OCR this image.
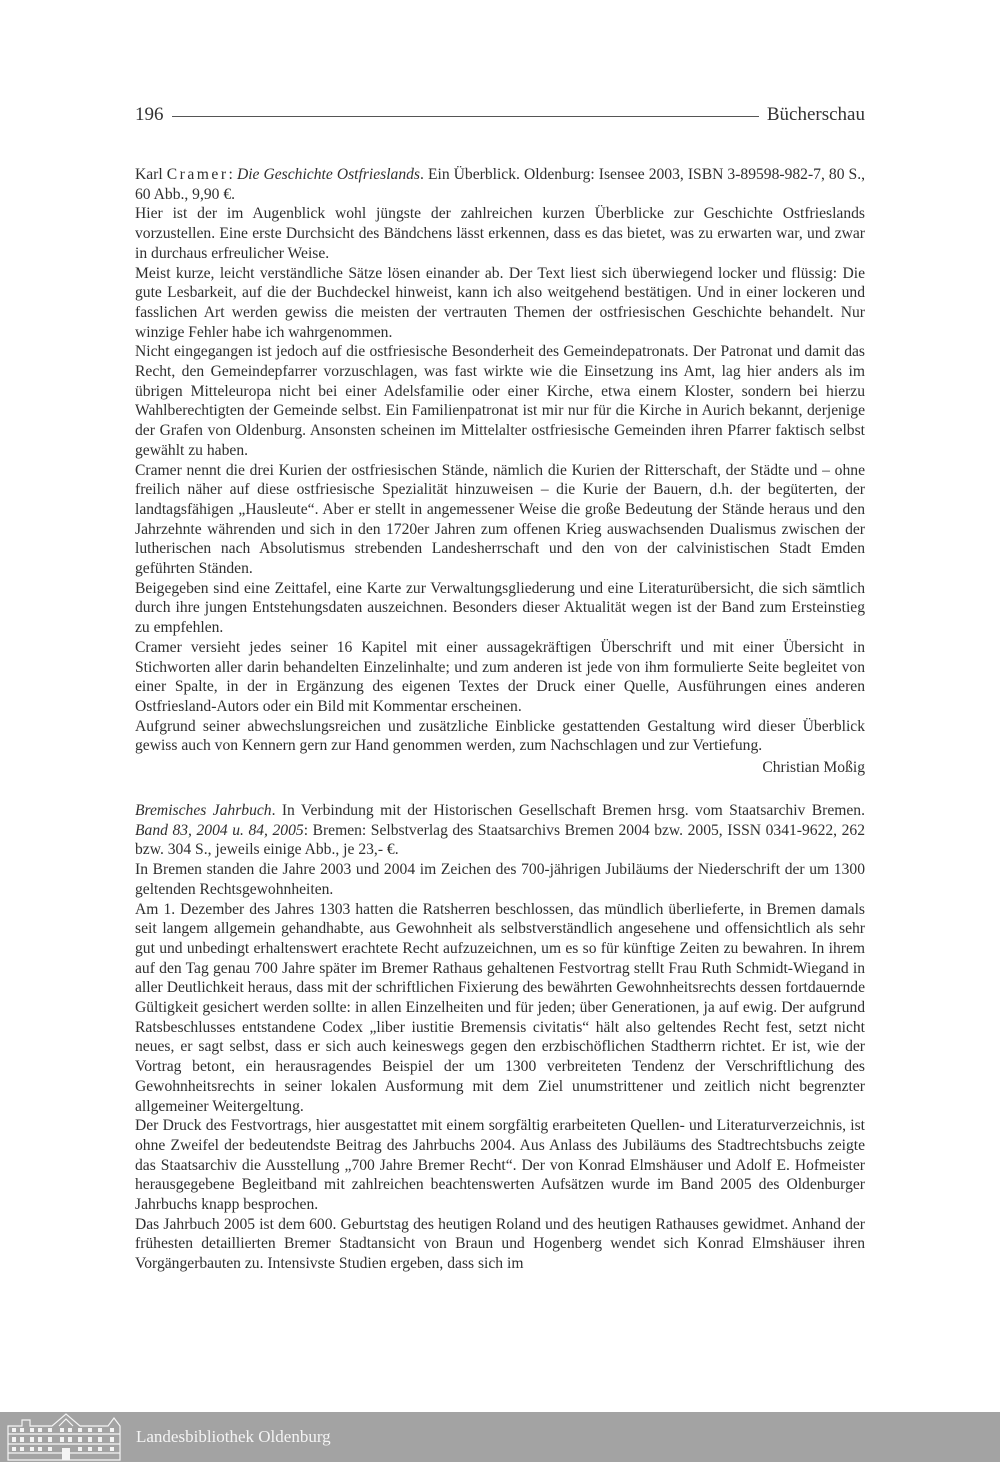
196	Bücherschau

Karl Cramer: Die Geschichte Ostfrieslands. Ein Überblick. Oldenburg: Isensee 2003, ISBN 3-89598-982-7, 80 S., 60 Abb., 9,90 €.

Hier ist der im Augenblick wohl jüngste der zahlreichen kurzen Überblicke zur Geschichte Ostfrieslands vorzustellen. Eine erste Durchsicht des Bändchens lässt erkennen, dass es das bietet, was zu erwarten war, und zwar in durchaus erfreulicher Weise.

Meist kurze, leicht verständliche Sätze lösen einander ab. Der Text liest sich überwiegend locker und flüssig: Die gute Lesbarkeit, auf die der Buchdeckel hinweist, kann ich also weitgehend bestätigen. Und in einer lockeren und fasslichen Art werden gewiss die meisten der vertrauten Themen der ostfriesischen Geschichte behandelt. Nur winzige Fehler habe ich wahrgenommen.

Nicht eingegangen ist jedoch auf die ostfriesische Besonderheit des Gemeindepatronats. Der Patronat und damit das Recht, den Gemeindepfarrer vorzuschlagen, was fast wirkte wie die Einsetzung ins Amt, lag hier anders als im übrigen Mitteleuropa nicht bei einer Adelsfamilie oder einer Kirche, etwa einem Kloster, sondern bei hierzu Wahlberechtigten der Gemeinde selbst. Ein Familienpatronat ist mir nur für die Kirche in Aurich bekannt, derjenige der Grafen von Oldenburg. Ansonsten scheinen im Mittelalter ostfriesische Gemeinden ihren Pfarrer faktisch selbst gewählt zu haben.

Cramer nennt die drei Kurien der ostfriesischen Stände, nämlich die Kurien der Ritterschaft, der Städte und – ohne freilich näher auf diese ostfriesische Spezialität hinzuweisen – die Kurie der Bauern, d.h. der begüterten, der landtagsfähigen „Hausleute“. Aber er stellt in angemessener Weise die große Bedeutung der Stände heraus und den Jahrzehnte währenden und sich in den 1720er Jahren zum offenen Krieg auswachsenden Dualismus zwischen der lutherischen nach Absolutismus strebenden Landesherrschaft und den von der calvinistischen Stadt Emden geführten Ständen.

Beigegeben sind eine Zeittafel, eine Karte zur Verwaltungsgliederung und eine Literaturübersicht, die sich sämtlich durch ihre jungen Entstehungsdaten auszeichnen. Besonders dieser Aktualität wegen ist der Band zum Ersteinstieg zu empfehlen.

Cramer versieht jedes seiner 16 Kapitel mit einer aussagekräftigen Überschrift und mit einer Übersicht in Stichworten aller darin behandelten Einzelinhalte; und zum anderen ist jede von ihm formulierte Seite begleitet von einer Spalte, in der in Ergänzung des eigenen Textes der Druck einer Quelle, Ausführungen eines anderen Ostfriesland-Autors oder ein Bild mit Kommentar erscheinen.

Aufgrund seiner abwechslungsreichen und zusätzliche Einblicke gestattenden Gestaltung wird dieser Überblick gewiss auch von Kennern gern zur Hand genommen werden, zum Nachschlagen und zur Vertiefung.

Christian Moßig

Bremisches Jahrbuch. In Verbindung mit der Historischen Gesellschaft Bremen hrsg. vom Staatsarchiv Bremen. Band 83, 2004 u. 84, 2005: Bremen: Selbstverlag des Staatsarchivs Bremen 2004 bzw. 2005, ISSN 0341-9622, 262 bzw. 304 S., jeweils einige Abb., je 23,- €.

In Bremen standen die Jahre 2003 und 2004 im Zeichen des 700-jährigen Jubiläums der Niederschrift der um 1300 geltenden Rechtsgewohnheiten.

Am 1. Dezember des Jahres 1303 hatten die Ratsherren beschlossen, das mündlich überlieferte, in Bremen damals seit langem allgemein gehandhabte, aus Gewohnheit als selbstverständlich angesehene und offensichtlich als sehr gut und unbedingt erhaltenswert erachtete Recht aufzuzeichnen, um es so für künftige Zeiten zu bewahren. In ihrem auf den Tag genau 700 Jahre später im Bremer Rathaus gehaltenen Festvortrag stellt Frau Ruth Schmidt-Wiegand in aller Deutlichkeit heraus, dass mit der schriftlichen Fixierung des bewährten Gewohnheitsrechts dessen fortdauernde Gültigkeit gesichert werden sollte: in allen Einzelheiten und für jeden; über Generationen, ja auf ewig. Der aufgrund Ratsbeschlusses entstandene Codex „liber iustitie Bremensis civitatis“ hält also geltendes Recht fest, setzt nicht neues, er sagt selbst, dass er sich auch keineswegs gegen den erzbischöflichen Stadtherrn richtet. Er ist, wie der Vortrag betont, ein herausragendes Beispiel der um 1300 verbreiteten Tendenz der Verschriftlichung des Gewohnheitsrechts in seiner lokalen Ausformung mit dem Ziel unumstrittener und zeitlich nicht begrenzter allgemeiner Weitergeltung.

Der Druck des Festvortrags, hier ausgestattet mit einem sorgfältig erarbeiteten Quellen- und Literaturverzeichnis, ist ohne Zweifel der bedeutendste Beitrag des Jahrbuchs 2004. Aus Anlass des Jubiläums des Stadtrechtsbuchs zeigte das Staatsarchiv die Ausstellung „700 Jahre Bremer Recht“. Der von Konrad Elmshäuser und Adolf E. Hofmeister herausgegebene Begleitband mit zahlreichen beachtenswerten Aufsätzen wurde im Band 2005 des Oldenburger Jahrbuchs knapp besprochen.

Das Jahrbuch 2005 ist dem 600. Geburtstag des heutigen Roland und des heutigen Rathauses gewidmet. Anhand der frühesten detaillierten Bremer Stadtansicht von Braun und Hogenberg wendet sich Konrad Elmshäuser ihren Vorgängerbauten zu. Intensivste Studien ergeben, dass sich im

Landesbibliothek Oldenburg
